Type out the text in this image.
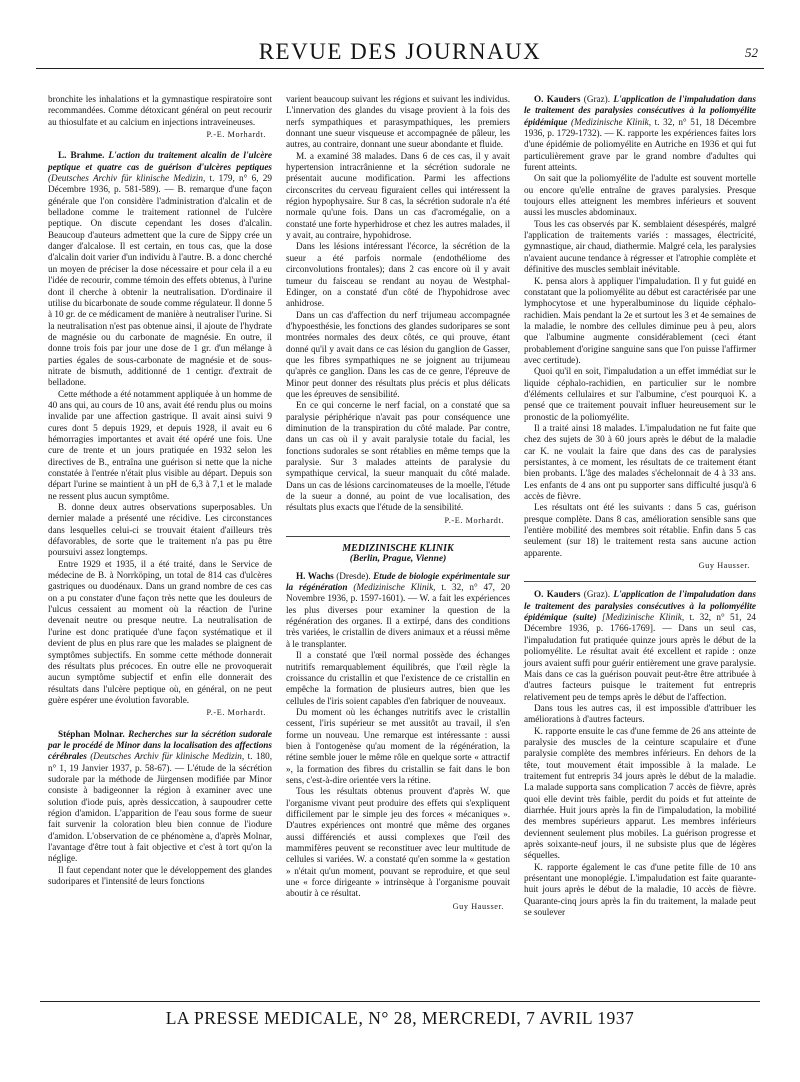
REVUE DES JOURNAUX	52

bronchite les inhalations et la gymnastique respiratoire sont recommandées. Comme détoxicant général on peut recourir au thiosulfate et au calcium en injections intraveineuses.

P.-E. Morhardt.

L. Brahme. L'action du traitement alcalin de l'ulcère peptique et quatre cas de guérison d'ulcères peptiques (Deutsches Archiv für klinische Medizin, t. 179, n° 6, 29 Décembre 1936, p. 581-589). — B. remarque d'une façon générale que l'on considère l'administration d'alcalin et de belladone comme le traitement rationnel de l'ulcère peptique. On discute cependant les doses d'alcalin. Beaucoup d'auteurs admettent que la cure de Sippy crée un danger d'alcalose. Il est certain, en tous cas, que la dose d'alcalin doit varier d'un individu à l'autre. B. a donc cherché un moyen de préciser la dose nécessaire et pour cela il a eu l'idée de recourir, comme témoin des effets obtenus, à l'urine dont il cherche à obtenir la neutralisation. D'ordinaire il utilise du bicarbonate de soude comme régulateur. Il donne 5 à 10 gr. de ce médicament de manière à neutraliser l'urine. Si la neutralisation n'est pas obtenue ainsi, il ajoute de l'hydrate de magnésie ou du carbonate de magnésie. En outre, il donne trois fois par jour une dose de 1 gr. d'un mélange à parties égales de sous-carbonate de magnésie et de sous-nitrate de bismuth, additionné de 1 centigr. d'extrait de belladone.

Cette méthode a été notamment appliquée à un homme de 40 ans qui, au cours de 10 ans, avait été rendu plus ou moins invalide par une affection gastrique. Il avait ainsi suivi 9 cures dont 5 depuis 1929, et depuis 1928, il avait eu 6 hémorragies importantes et avait été opéré une fois. Une cure de trente et un jours pratiquée en 1932 selon les directives de B., entraîna une guérison si nette que la niche constatée à l'entrée n'était plus visible au départ. Depuis son départ l'urine se maintient à un pH de 6,3 à 7,1 et le malade ne ressent plus aucun symptôme.

B. donne deux autres observations superposables. Un dernier malade a présenté une récidive. Les circonstances dans lesquelles celui-ci se trouvait étaient d'ailleurs très défavorables, de sorte que le traitement n'a pas pu être poursuivi assez longtemps.

Entre 1929 et 1935, il a été traité, dans le Service de médecine de B. à Norrköping, un total de 814 cas d'ulcères gastriques ou duodénaux. Dans un grand nombre de ces cas on a pu constater d'une façon très nette que les douleurs de l'ulcus cessaient au moment où la réaction de l'urine devenait neutre ou presque neutre. La neutralisation de l'urine est donc pratiquée d'une façon systématique et il devient de plus en plus rare que les malades se plaignent de symptômes subjectifs. En somme cette méthode donnerait des résultats plus précoces. En outre elle ne provoquerait aucun symptôme subjectif et enfin elle donnerait des résultats dans l'ulcère peptique où, en général, on ne peut guère espérer une évolution favorable.

P.-E. Morhardt.

Stéphan Molnar. Recherches sur la sécrétion sudorale par le procédé de Minor dans la localisation des affections cérébrales (Deutsches Archiv für klinische Medizin, t. 180, n° 1, 19 Janvier 1937, p. 58-67). — L'étude de la sécrétion sudorale par la méthode de Jürgensen modifiée par Minor consiste à badigeonner la région à examiner avec une solution d'iode puis, après dessiccation, à saupoudrer cette région d'amidon. L'apparition de l'eau sous forme de sueur fait survenir la coloration bleu bien connue de l'iodure d'amidon. L'observation de ce phénomène a, d'après Molnar, l'avantage d'être tout à fait objective et c'est à tort qu'on la néglige.

Il faut cependant noter que le développement des glandes sudoripares et l'intensité de leurs fonctions

varient beaucoup suivant les régions et suivant les individus. L'innervation des glandes du visage provient à la fois des nerfs sympathiques et parasympathiques, les premiers donnant une sueur visqueuse et accompagnée de pâleur, les autres, au contraire, donnant une sueur abondante et fluide.

M. a examiné 38 malades. Dans 6 de ces cas, il y avait hypertension intracrânienne et la sécrétion sudorale ne présentait aucune modification. Parmi les affections circonscrites du cerveau figuraient celles qui intéressent la région hypophysaire. Sur 8 cas, la sécrétion sudorale n'a été normale qu'une fois. Dans un cas d'acromégalie, on a constaté une forte hyperhidrose et chez les autres malades, il y avait, au contraire, hypohidrose.

Dans les lésions intéressant l'écorce, la sécrétion de la sueur a été parfois normale (endothéliome des circonvolutions frontales); dans 2 cas encore où il y avait tumeur du faisceau se rendant au noyau de Westphal-Edinger, on a constaté d'un côté de l'hypohidrose avec anhidrose.

Dans un cas d'affection du nerf trijumeau accompagnée d'hypoesthésie, les fonctions des glandes sudoripares se sont montrées normales des deux côtés, ce qui prouve, étant donné qu'il y avait dans ce cas lésion du ganglion de Gasser, que les fibres sympathiques ne se joignent au trijumeau qu'après ce ganglion. Dans les cas de ce genre, l'épreuve de Minor peut donner des résultats plus précis et plus délicats que les épreuves de sensibilité.

En ce qui concerne le nerf facial, on a constaté que sa paralysie périphérique n'avait pas pour conséquence une diminution de la transpiration du côté malade. Par contre, dans un cas où il y avait paralysie totale du facial, les fonctions sudorales se sont rétablies en même temps que la paralysie. Sur 3 malades atteints de paralysie du sympathique cervical, la sueur manquait du côté malade. Dans un cas de lésions carcinomateuses de la moelle, l'étude de la sueur a donné, au point de vue localisation, des résultats plus exacts que l'étude de la sensibilité.

P.-E. Morhardt.
MEDIZINISCHE KLINIK
(Berlin, Prague, Vienne)

H. Wachs (Dresde). Etude de biologie expérimentale sur la régénération (Medizinische Klinik, t. 32, n° 47, 20 Novembre 1936, p. 1597-1601). — W. a fait les expériences les plus diverses pour examiner la question de la régénération des organes. Il a extirpé, dans des conditions très variées, le cristallin de divers animaux et a réussi même à le transplanter.

Il a constaté que l'œil normal possède des échanges nutritifs remarquablement équilibrés, que l'œil règle la croissance du cristallin et que l'existence de ce cristallin en empêche la formation de plusieurs autres, bien que les cellules de l'iris soient capables d'en fabriquer de nouveaux.

Du moment où les échanges nutritifs avec le cristallin cessent, l'iris supérieur se met aussitôt au travail, il s'en forme un nouveau. Une remarque est intéressante : aussi bien à l'ontogenèse qu'au moment de la régénération, la rétine semble jouer le même rôle en quelque sorte « attractif », la formation des fibres du cristallin se fait dans le bon sens, c'est-à-dire orientée vers la rétine.

Tous les résultats obtenus prouvent d'après W. que l'organisme vivant peut produire des effets qui s'expliquent difficilement par le simple jeu des forces « mécaniques ». D'autres expériences ont montré que même des organes aussi différenciés et aussi complexes que l'œil des mammifères peuvent se reconstituer avec leur multitude de cellules si variées. W. a constaté qu'en somme la « gestation » n'était qu'un moment, pouvant se reproduire, et que seul une « force dirigeante » intrinsèque à l'organisme pouvait aboutir à ce résultat.

Guy Hausser.

O. Kauders (Graz). L'application de l'impaludation dans le traitement des paralysies consécutives à la poliomyélite épidémique (Medizinische Klinik, t. 32, n° 51, 18 Décembre 1936, p. 1729-1732). — K. rapporte les expériences faites lors d'une épidémie de poliomyélite en Autriche en 1936 et qui fut particulièrement grave par le grand nombre d'adultes qui furent atteints.

On sait que la poliomyélite de l'adulte est souvent mortelle ou encore qu'elle entraîne de graves paralysies. Presque toujours elles atteignent les membres inférieurs et souvent aussi les muscles abdominaux.

Tous les cas observés par K. semblaient désespérés, malgré l'application de traitements variés : massages, électricité, gymnastique, air chaud, diathermie. Malgré cela, les paralysies n'avaient aucune tendance à régresser et l'atrophie complète et définitive des muscles semblait inévitable.

K. pensa alors à appliquer l'impaludation. Il y fut guidé en constatant que la poliomyélite au début est caractérisée par une lymphocytose et une hyperalbuminose du liquide céphalo-rachidien. Mais pendant la 2e et surtout les 3 et 4e semaines de la maladie, le nombre des cellules diminue peu à peu, alors que l'albumine augmente considérablement (ceci étant probablement d'origine sanguine sans que l'on puisse l'affirmer avec certitude).

Quoi qu'il en soit, l'impaludation a un effet immédiat sur le liquide céphalo-rachidien, en particulier sur le nombre d'éléments cellulaires et sur l'albumine, c'est pourquoi K. a pensé que ce traitement pouvait influer heureusement sur le pronostic de la poliomyélite.

Il a traité ainsi 18 malades. L'impaludation ne fut faite que chez des sujets de 30 à 60 jours après le début de la maladie car K. ne voulait la faire que dans des cas de paralysies persistantes, à ce moment, les résultats de ce traitement étant bien probants. L'âge des malades s'échelonnait de 4 à 33 ans. Les enfants de 4 ans ont pu supporter sans difficulté jusqu'à 6 accès de fièvre.

Les résultats ont été les suivants : dans 5 cas, guérison presque complète. Dans 8 cas, amélioration sensible sans que l'entière mobilité des membres soit rétablie. Enfin dans 5 cas seulement (sur 18) le traitement resta sans aucune action apparente.

Guy Hausser.

O. Kauders (Graz). L'application de l'impaludation dans le traitement des paralysies consécutives à la poliomyélite épidémique (suite) [Medizinische Klinik, t. 32, n° 51, 24 Décembre 1936, p. 1766-1769]. — Dans un seul cas, l'impaludation fut pratiquée quinze jours après le début de la poliomyélite. Le résultat avait été excellent et rapide : onze jours avaient suffi pour guérir entièrement une grave paralysie. Mais dans ce cas la guérison pouvait peut-être être attribuée à d'autres facteurs puisque le traitement fut entrepris relativement peu de temps après le début de l'affection.

Dans tous les autres cas, il est impossible d'attribuer les améliorations à d'autres facteurs.

K. rapporte ensuite le cas d'une femme de 26 ans atteinte de paralysie des muscles de la ceinture scapulaire et d'une paralysie complète des membres inférieurs. En dehors de la tête, tout mouvement était impossible à la malade. Le traitement fut entrepris 34 jours après le début de la maladie. La malade supporta sans complication 7 accès de fièvre, après quoi elle devint très faible, perdit du poids et fut atteinte de diarrhée. Huit jours après la fin de l'impaludation, la mobilité des membres supérieurs apparut. Les membres inférieurs deviennent seulement plus mobiles. La guérison progresse et après soixante-neuf jours, il ne subsiste plus que de légères séquelles.

K. rapporte également le cas d'une petite fille de 10 ans présentant une monoplégie. L'impaludation est faite quarante-huit jours après le début de la maladie, 10 accès de fièvre. Quarante-cinq jours après la fin du traitement, la malade peut se soulever

LA PRESSE MEDICALE, N° 28, MERCREDI, 7 AVRIL 1937
